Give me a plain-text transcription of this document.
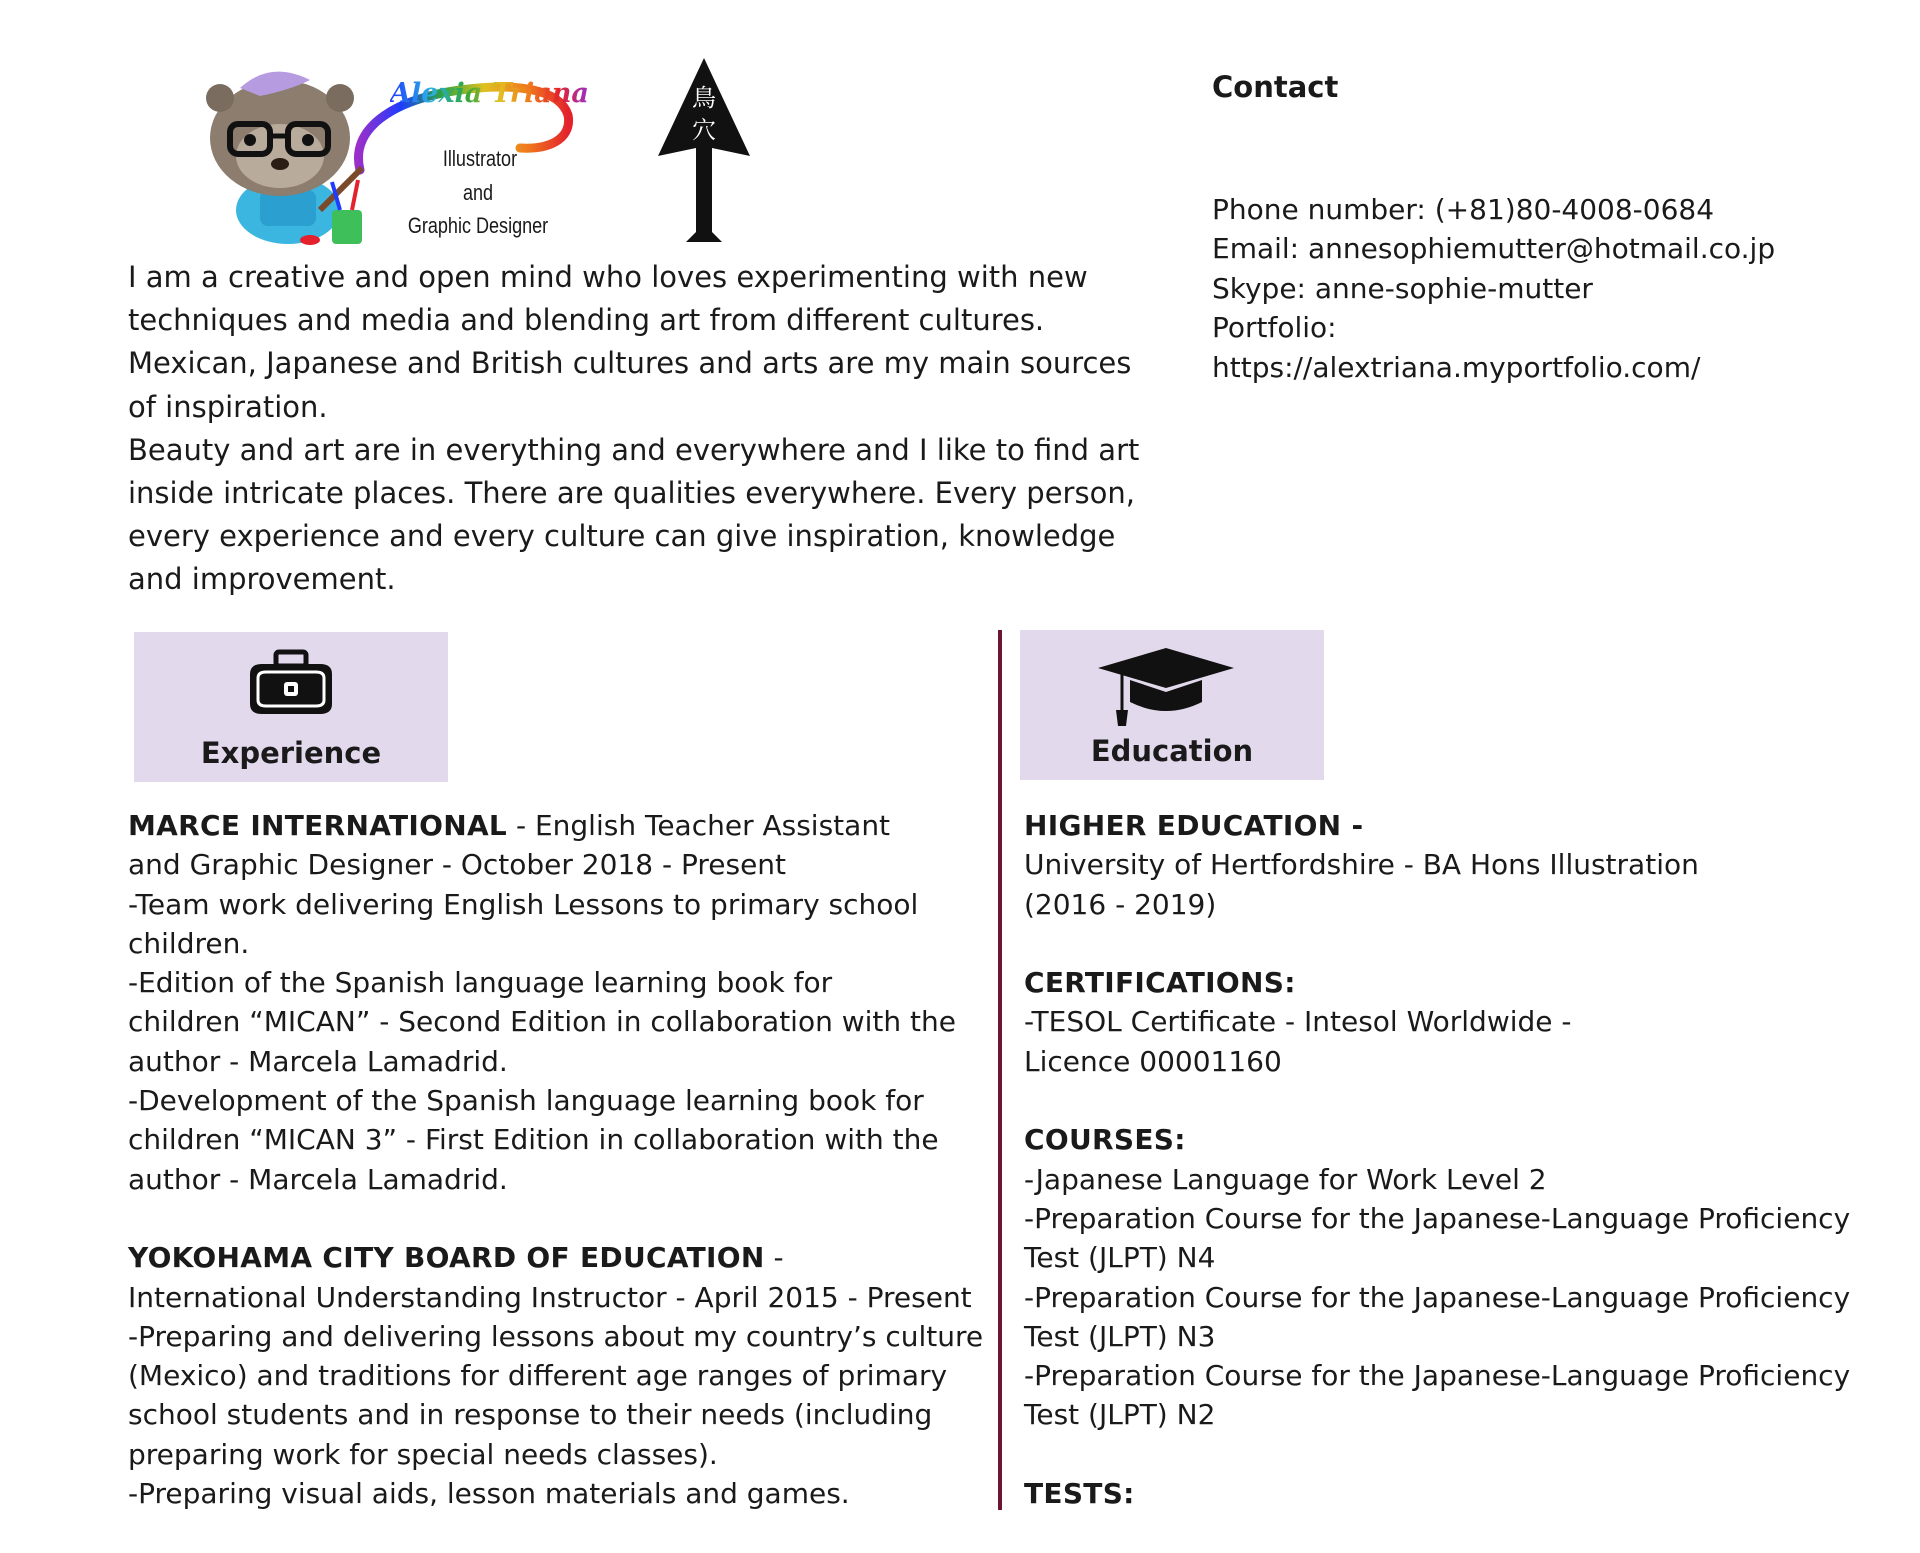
Alexia Triana
Illustrator
and
Graphic Designer
鳥
穴

I am a creative and open mind who loves experimenting with new techniques and media and blending art from different cultures. Mexican, Japanese and British cultures and arts are my main sources of inspiration.

Beauty and art are in everything and everywhere and I like to find art inside intricate places. There are qualities everywhere. Every person, every experience and every culture can give inspiration, knowledge and improvement.

Contact
Phone number: (+81)80-4008-0684
Email: annesophiemutter@hotmail.co.jp
Skype: anne-sophie-mutter
Portfolio:
https://alextriana.myportfolio.com/
Experience	Education
MARCE INTERNATIONAL - English Teacher Assistant
and Graphic Designer - October 2018 - Present
-Team work delivering English Lessons to primary school
children.
-Edition of the Spanish language learning book for
children “MICAN” - Second Edition in collaboration with the
author - Marcela Lamadrid.
-Development of the Spanish language learning book for
children “MICAN 3” - First Edition in collaboration with the
author - Marcela Lamadrid.
YOKOHAMA CITY BOARD OF EDUCATION -
International Understanding Instructor - April 2015 - Present
-Preparing and delivering lessons about my country’s culture
(Mexico) and traditions for different age ranges of primary
school students and in response to their needs (including
preparing work for special needs classes).
-Preparing visual aids, lesson materials and games.
HIGHER EDUCATION -
University of Hertfordshire - BA Hons Illustration
(2016 - 2019)
CERTIFICATIONS:
-TESOL Certificate - Intesol Worldwide -
Licence 00001160
COURSES:
-Japanese Language for Work Level 2
-Preparation Course for the Japanese-Language Proficiency
Test (JLPT) N4
-Preparation Course for the Japanese-Language Proficiency
Test (JLPT) N3
-Preparation Course for the Japanese-Language Proficiency
Test (JLPT) N2
TESTS:
